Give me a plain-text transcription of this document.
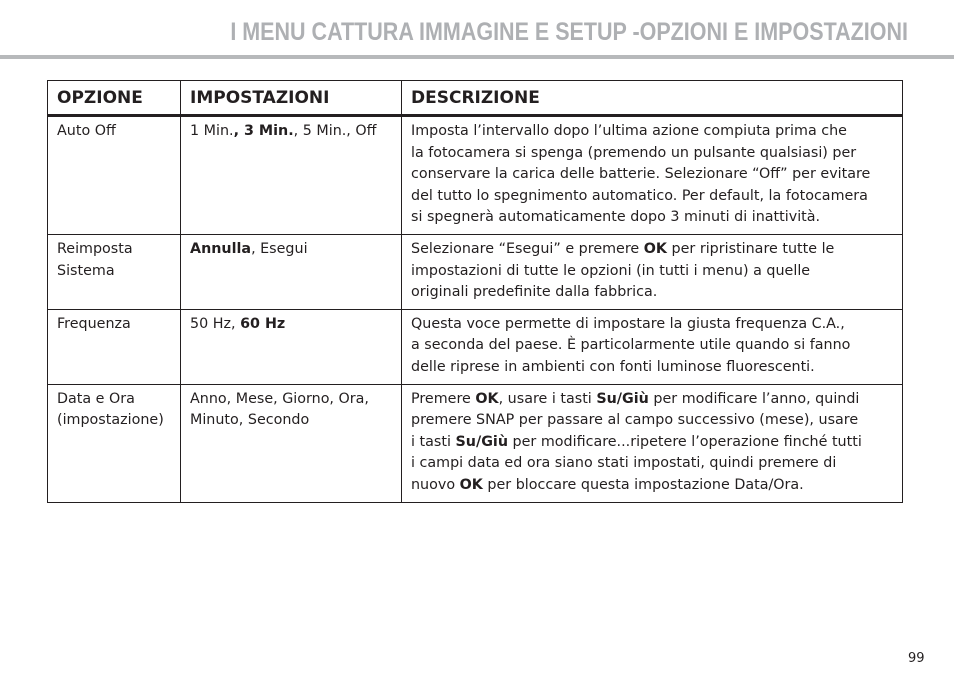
I MENU CATTURA IMMAGINE E SETUP -OPZIONI E IMPOSTAZIONI
OPZIONE	IMPOSTAZIONI	DESCRIZIONE
Auto Off	1 Min., 3 Min., 5 Min., Off	Imposta l’intervallo dopo l’ultima azione compiuta prima che
la fotocamera si spenga (premendo un pulsante qualsiasi) per
conservare la carica delle batterie. Selezionare “Off” per evitare
del tutto lo spegnimento automatico. Per default, la fotocamera
si spegnerà automaticamente dopo 3 minuti di inattività.
Reimposta
Sistema	Annulla, Esegui	Selezionare “Esegui” e premere OK per ripristinare tutte le
impostazioni di tutte le opzioni (in tutti i menu) a quelle
originali predefinite dalla fabbrica.
Frequenza	50 Hz, 60 Hz	Questa voce permette di impostare la giusta frequenza C.A.,
a seconda del paese. È particolarmente utile quando si fanno
delle riprese in ambienti con fonti luminose fluorescenti.
Data e Ora
(impostazione)	Anno, Mese, Giorno, Ora,
Minuto, Secondo	Premere OK, usare i tasti Su/Giù per modificare l’anno, quindi
premere SNAP per passare al campo successivo (mese), usare
i tasti Su/Giù per modificare...ripetere l’operazione finché tutti
i campi data ed ora siano stati impostati, quindi premere di
nuovo OK per bloccare questa impostazione Data/Ora.
99
